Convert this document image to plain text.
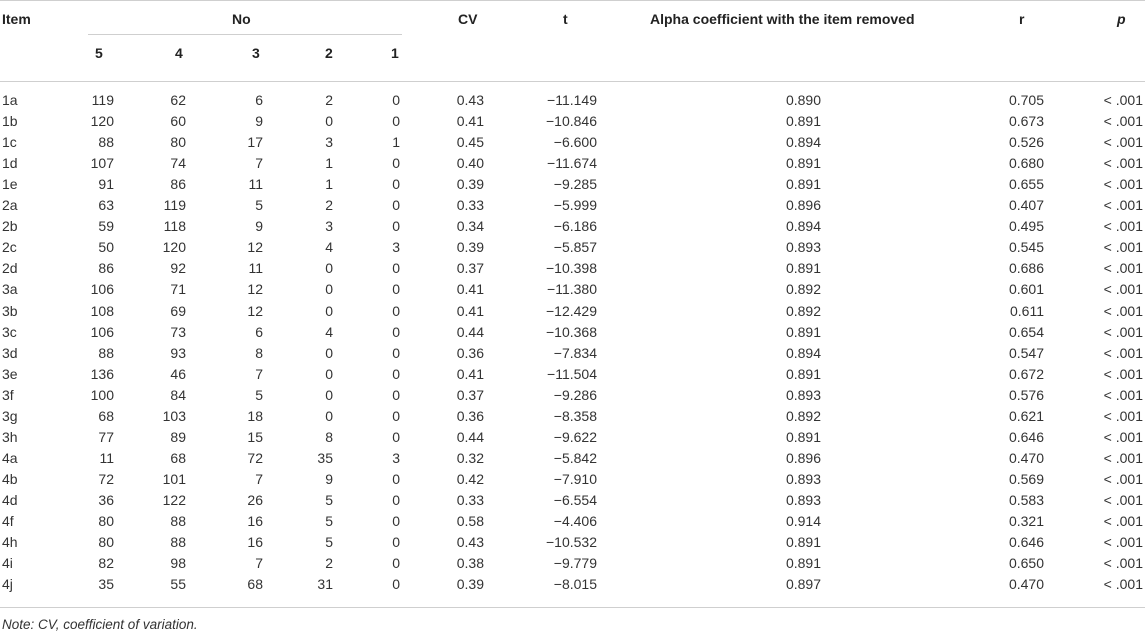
Item	No	CV	t	Alpha coefficient with the item removed	r	p
5	4	3	2	1
1a	119	62	6	2	0	0.43	−11.149	0.890	0.705	< .001
1b	120	60	9	0	0	0.41	−10.846	0.891	0.673	< .001
1c	88	80	17	3	1	0.45	−6.600	0.894	0.526	< .001
1d	107	74	7	1	0	0.40	−11.674	0.891	0.680	< .001
1e	91	86	11	1	0	0.39	−9.285	0.891	0.655	< .001
2a	63	119	5	2	0	0.33	−5.999	0.896	0.407	< .001
2b	59	118	9	3	0	0.34	−6.186	0.894	0.495	< .001
2c	50	120	12	4	3	0.39	−5.857	0.893	0.545	< .001
2d	86	92	11	0	0	0.37	−10.398	0.891	0.686	< .001
3a	106	71	12	0	0	0.41	−11.380	0.892	0.601	< .001
3b	108	69	12	0	0	0.41	−12.429	0.892	0.611	< .001
3c	106	73	6	4	0	0.44	−10.368	0.891	0.654	< .001
3d	88	93	8	0	0	0.36	−7.834	0.894	0.547	< .001
3e	136	46	7	0	0	0.41	−11.504	0.891	0.672	< .001
3f	100	84	5	0	0	0.37	−9.286	0.893	0.576	< .001
3g	68	103	18	0	0	0.36	−8.358	0.892	0.621	< .001
3h	77	89	15	8	0	0.44	−9.622	0.891	0.646	< .001
4a	11	68	72	35	3	0.32	−5.842	0.896	0.470	< .001
4b	72	101	7	9	0	0.42	−7.910	0.893	0.569	< .001
4d	36	122	26	5	0	0.33	−6.554	0.893	0.583	< .001
4f	80	88	16	5	0	0.58	−4.406	0.914	0.321	< .001
4h	80	88	16	5	0	0.43	−10.532	0.891	0.646	< .001
4i	82	98	7	2	0	0.38	−9.779	0.891	0.650	< .001
4j	35	55	68	31	0	0.39	−8.015	0.897	0.470	< .001
Note: CV, coefficient of variation.
